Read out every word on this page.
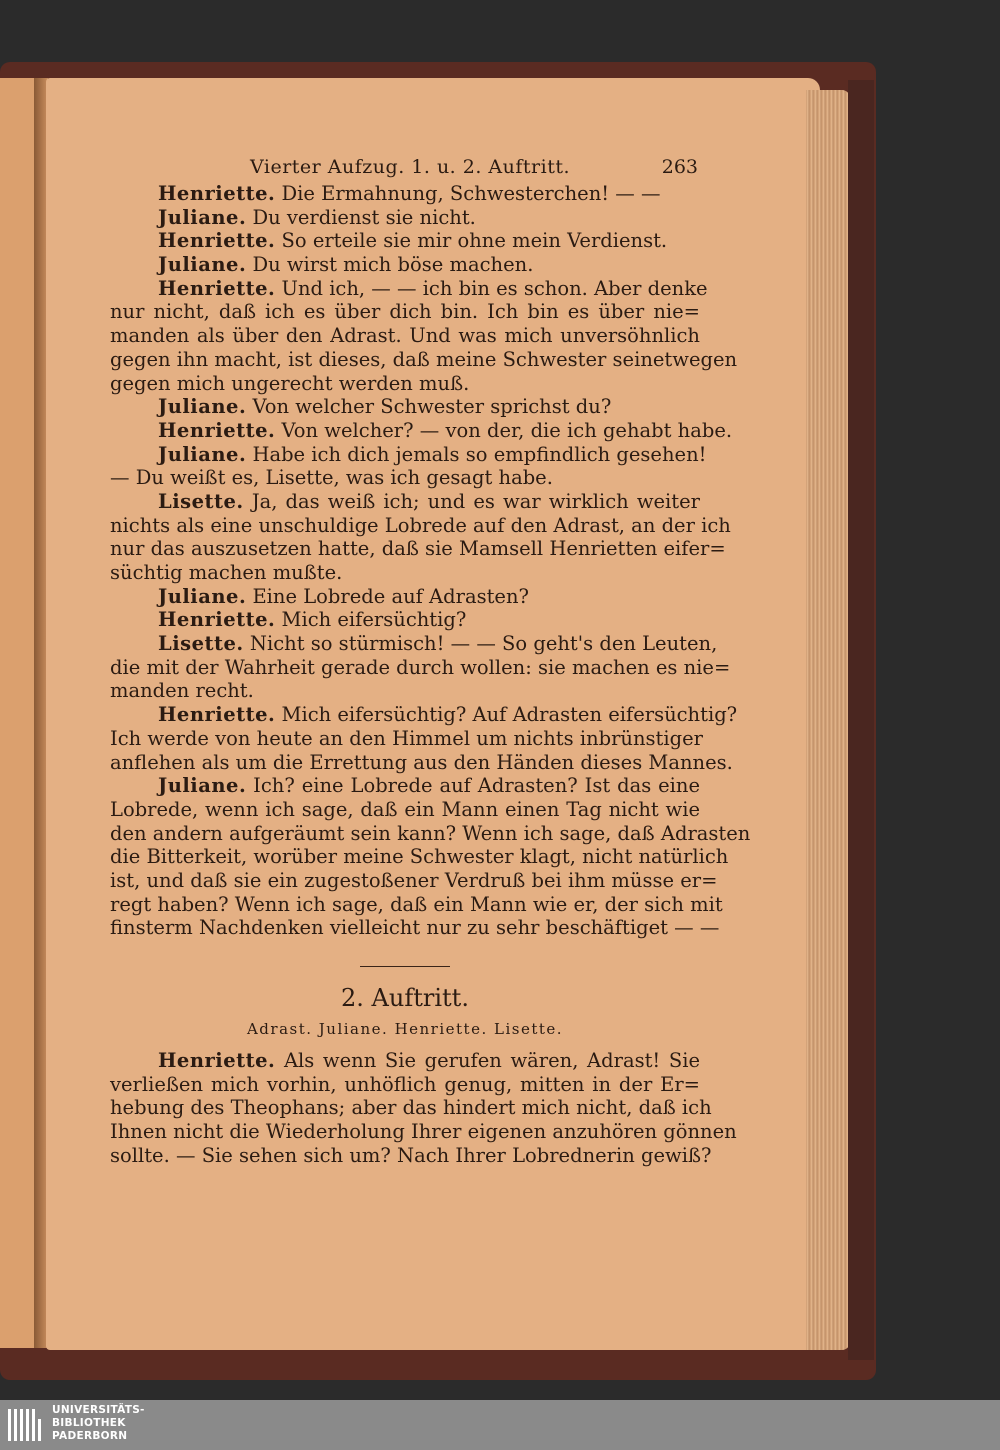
Vierter Aufzug. 1. u. 2. Auftritt.	263
Henriette. Die Ermahnung, Schwesterchen! — —
Juliane. Du verdienst sie nicht.
Henriette. So erteile sie mir ohne mein Verdienst.
Juliane. Du wirst mich böse machen.
Henriette. Und ich, — — ich bin es schon. Aber denke
nur nicht, daß ich es über dich bin. Ich bin es über nie=
manden als über den Adrast. Und was mich unversöhnlich
gegen ihn macht, ist dieses, daß meine Schwester seinetwegen
gegen mich ungerecht werden muß.
Juliane. Von welcher Schwester sprichst du?
Henriette. Von welcher? — von der, die ich gehabt habe.
Juliane. Habe ich dich jemals so empfindlich gesehen!
— Du weißt es, Lisette, was ich gesagt habe.
Lisette. Ja, das weiß ich; und es war wirklich weiter
nichts als eine unschuldige Lobrede auf den Adrast, an der ich
nur das auszusetzen hatte, daß sie Mamsell Henrietten eifer=
süchtig machen mußte.
Juliane. Eine Lobrede auf Adrasten?
Henriette. Mich eifersüchtig?
Lisette. Nicht so stürmisch! — — So geht's den Leuten,
die mit der Wahrheit gerade durch wollen: sie machen es nie=
manden recht.
Henriette. Mich eifersüchtig? Auf Adrasten eifersüchtig?
Ich werde von heute an den Himmel um nichts inbrünstiger
anflehen als um die Errettung aus den Händen dieses Mannes.
Juliane. Ich? eine Lobrede auf Adrasten? Ist das eine
Lobrede, wenn ich sage, daß ein Mann einen Tag nicht wie
den andern aufgeräumt sein kann? Wenn ich sage, daß Adrasten
die Bitterkeit, worüber meine Schwester klagt, nicht natürlich
ist, und daß sie ein zugestoßener Verdruß bei ihm müsse er=
regt haben? Wenn ich sage, daß ein Mann wie er, der sich mit
finsterm Nachdenken vielleicht nur zu sehr beschäftiget — —
2. Auftritt.
Adrast. Juliane. Henriette. Lisette.
Henriette. Als wenn Sie gerufen wären, Adrast! Sie
verließen mich vorhin, unhöflich genug, mitten in der Er=
hebung des Theophans; aber das hindert mich nicht, daß ich
Ihnen nicht die Wiederholung Ihrer eigenen anzuhören gönnen
sollte. — Sie sehen sich um? Nach Ihrer Lobrednerin gewiß?
UNIVERSITÄTS-
BIBLIOTHEK
PADERBORN
